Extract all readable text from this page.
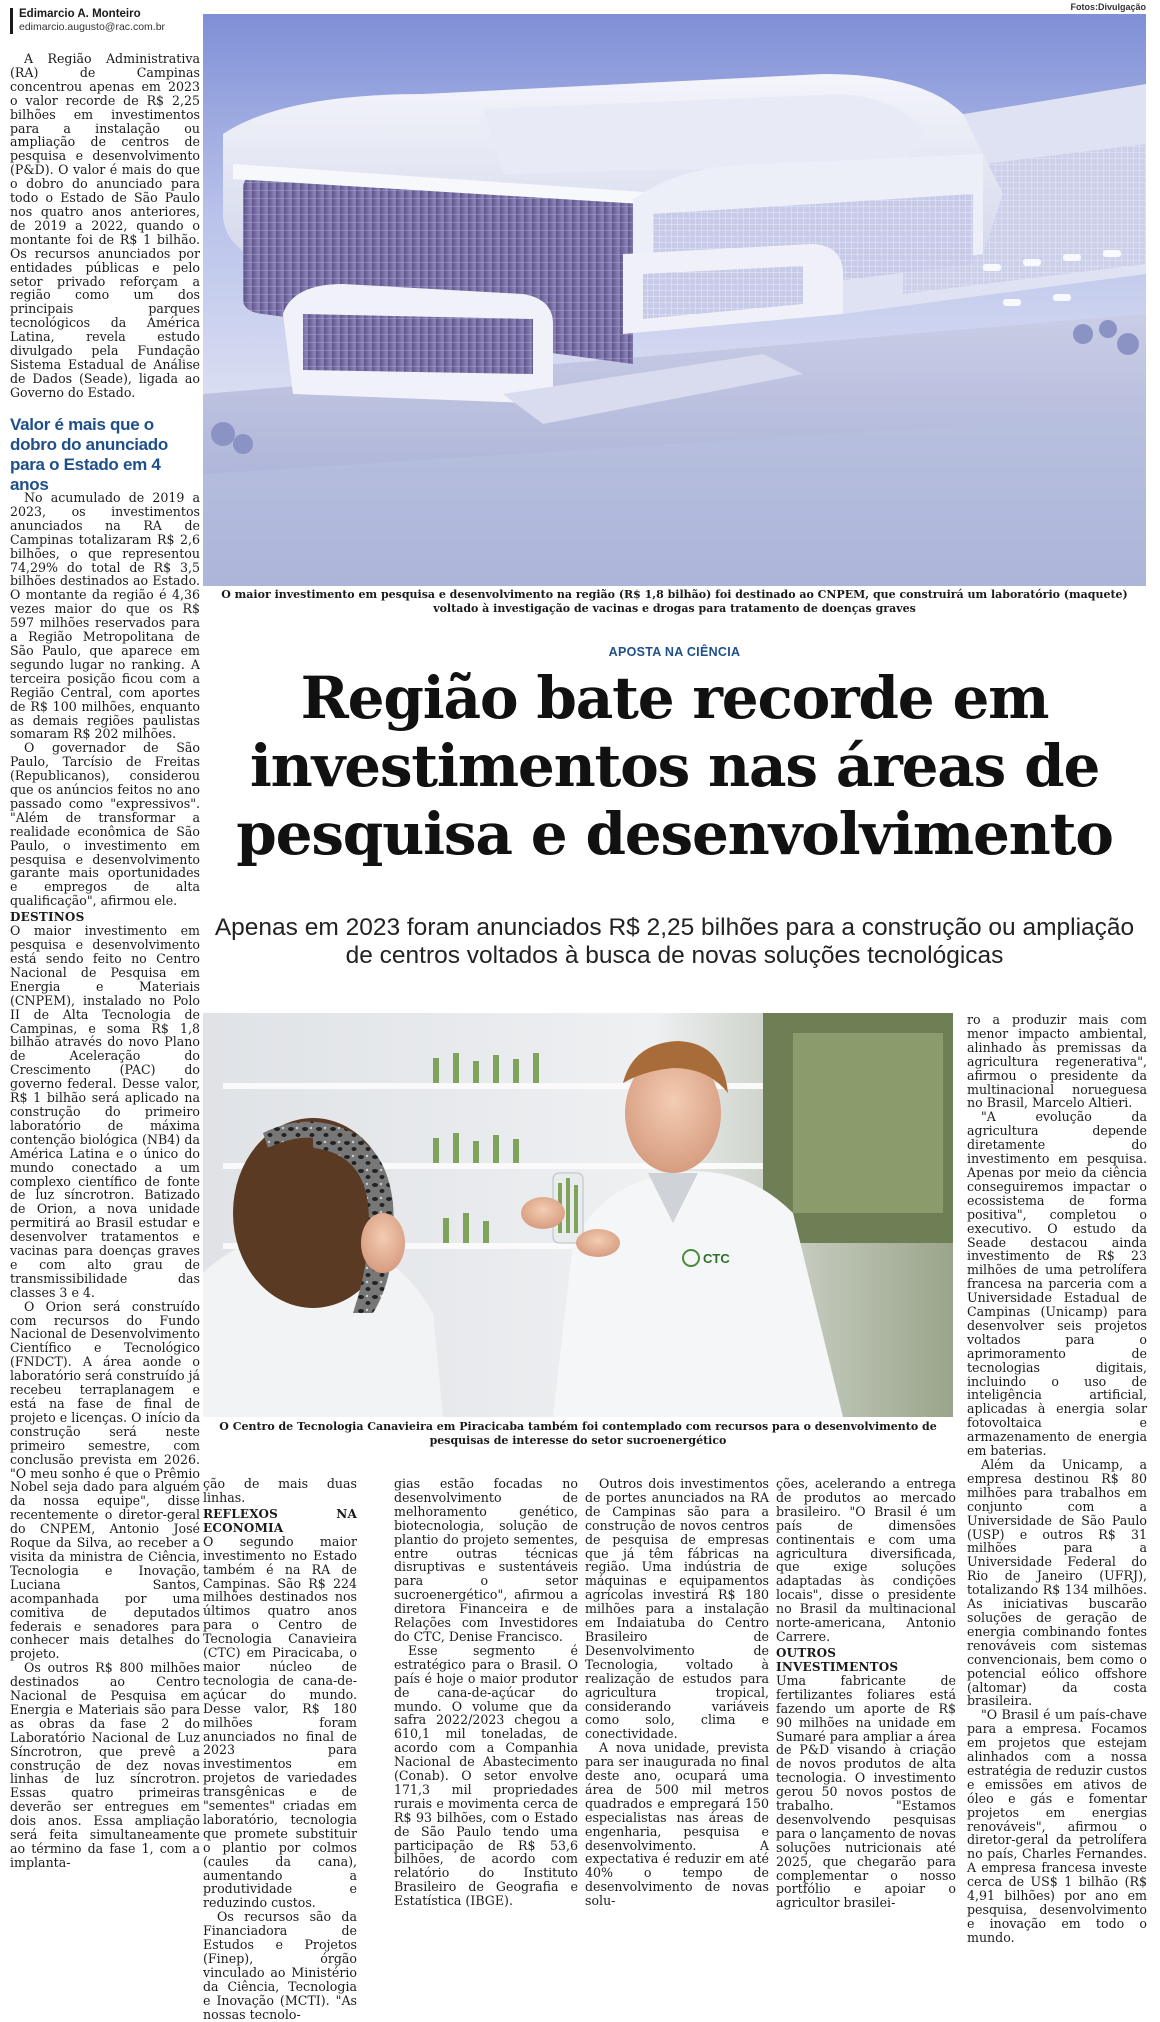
Edimarcio A. Monteiro
edimarcio.augusto@rac.com.br
Fotos:Divulgação

A Região Administrativa (RA) de Campinas concentrou apenas em 2023 o valor recorde de R$ 2,25 bilhões em investimentos para a instalação ou ampliação de centros de pesquisa e desenvolvimento (P&D). O valor é mais do que o dobro do anunciado para todo o Estado de São Paulo nos quatro anos anteriores, de 2019 a 2022, quando o montante foi de R$ 1 bilhão. Os recursos anunciados por entidades públicas e pelo setor privado reforçam a região como um dos principais parques tecnológicos da América Latina, revela estudo divulgado pela Fundação Sistema Estadual de Análise de Dados (Seade), ligada ao Governo do Estado.

Valor é mais que o dobro do anunciado para o Estado em 4 anos

No acumulado de 2019 a 2023, os investimentos anunciados na RA de Campinas totalizaram R$ 2,6 bilhões, o que representou 74,29% do total de R$ 3,5 bilhões destinados ao Estado. O montante da região é 4,36 vezes maior do que os R$ 597 milhões reservados para a Região Metropolitana de São Paulo, que aparece em segundo lugar no ranking. A terceira posição ficou com a Região Central, com aportes de R$ 100 milhões, enquanto as demais regiões paulistas somaram R$ 202 milhões.

O governador de São Paulo, Tarcísio de Freitas (Republicanos), considerou que os anúncios feitos no ano passado como "expressivos". "Além de transformar a realidade econômica de São Paulo, o investimento em pesquisa e desenvolvimento garante mais oportunidades e empregos de alta qualificação", afirmou ele.

DESTINOS

O maior investimento em pesquisa e desenvolvimento está sendo feito no Centro Nacional de Pesquisa em Energia e Materiais (CNPEM), instalado no Polo II de Alta Tecnologia de Campinas, e soma R$ 1,8 bilhão através do novo Plano de Aceleração do Crescimento (PAC) do governo federal. Desse valor, R$ 1 bilhão será aplicado na construção do primeiro laboratório de máxima contenção biológica (NB4) da América Latina e o único do mundo conectado a um complexo científico de fonte de luz síncrotron. Batizado de Orion, a nova unidade permitirá ao Brasil estudar e desenvolver tratamentos e vacinas para doenças graves e com alto grau de transmissibilidade das classes 3 e 4.

O Orion será construído com recursos do Fundo Nacional de Desenvolvimento Científico e Tecnológico (FNDCT). A área aonde o laboratório será construído já recebeu terraplanagem e está na fase de final de projeto e licenças. O início da construção será neste primeiro semestre, com conclusão prevista em 2026. "O meu sonho é que o Prêmio Nobel seja dado para alguém da nossa equipe", disse recentemente o diretor-geral do CNPEM, Antonio José Roque da Silva, ao receber a visita da ministra de Ciência, Tecnologia e Inovação, Luciana Santos, acompanhada por uma comitiva de deputados federais e senadores para conhecer mais detalhes do projeto.

Os outros R$ 800 milhões destinados ao Centro Nacional de Pesquisa em Energia e Materiais são para as obras da fase 2 do Laboratório Nacional de Luz Síncrotron, que prevê a construção de dez novas linhas de luz síncrotron. Essas quatro primeiras deverão ser entregues em dois anos. Essa ampliação será feita simultaneamente ao término da fase 1, com a implanta-

O maior investimento em pesquisa e desenvolvimento na região (R$ 1,8 bilhão) foi destinado ao CNPEM, que construirá um laboratório (maquete) voltado à investigação de vacinas e drogas para tratamento de doenças graves
APOSTA NA CIÊNCIA
Região bate recorde em investimentos nas áreas de pesquisa e desenvolvimento
Apenas em 2023 foram anunciados R$ 2,25 bilhões para a construção ou ampliação de centros voltados à busca de novas soluções tecnológicas
CTC
O Centro de Tecnologia Canavieira em Piracicaba também foi contemplado com recursos para o desenvolvimento de pesquisas de interesse do setor sucroenergético

ção de mais duas linhas.

REFLEXOS NA ECONOMIA

O segundo maior investimento no Estado também é na RA de Campinas. São R$ 224 milhões destinados nos últimos quatro anos para o Centro de Tecnologia Canavieira (CTC) em Piracicaba, o maior núcleo de tecnologia de cana-de-açúcar do mundo. Desse valor, R$ 180 milhões foram anunciados no final de 2023 para investimentos em projetos de variedades transgênicas e de "sementes" criadas em laboratório, tecnologia que promete substituir o plantio por colmos (caules da cana), aumentando a produtividade e reduzindo custos.

Os recursos são da Financiadora de Estudos e Projetos (Finep), órgão vinculado ao Ministério da Ciência, Tecnologia e Inovação (MCTI). "As nossas tecnolo-

gias estão focadas no desenvolvimento de melhoramento genético, biotecnologia, solução de plantio do projeto sementes, entre outras técnicas disruptivas e sustentáveis para o setor sucroenergético", afirmou a diretora Financeira e de Relações com Investidores do CTC, Denise Francisco.

Esse segmento é estratégico para o Brasil. O país é hoje o maior produtor de cana-de-açúcar do mundo. O volume que da safra 2022/2023 chegou a 610,1 mil toneladas, de acordo com a Companhia Nacional de Abastecimento (Conab). O setor envolve 171,3 mil propriedades rurais e movimenta cerca de R$ 93 bilhões, com o Estado de São Paulo tendo uma participação de R$ 53,6 bilhões, de acordo com relatório do Instituto Brasileiro de Geografia e Estatística (IBGE).

Outros dois investimentos de portes anunciados na RA de Campinas são para a construção de novos centros de pesquisa de empresas que já têm fábricas na região. Uma indústria de máquinas e equipamentos agrícolas investirá R$ 180 milhões para a instalação em Indaiatuba do Centro Brasileiro de Desenvolvimento de Tecnologia, voltado à realização de estudos para agricultura tropical, considerando variáveis como solo, clima e conectividade.

A nova unidade, prevista para ser inaugurada no final deste ano, ocupará uma área de 500 mil metros quadrados e empregará 150 especialistas nas áreas de engenharia, pesquisa e desenvolvimento. A expectativa é reduzir em até 40% o tempo de desenvolvimento de novas solu-

ções, acelerando a entrega de produtos ao mercado brasileiro. "O Brasil é um país de dimensões continentais e com uma agricultura diversificada, que exige soluções adaptadas às condições locais", disse o presidente no Brasil da multinacional norte-americana, Antonio Carrere.

OUTROS INVESTIMENTOS

Uma fabricante de fertilizantes foliares está fazendo um aporte de R$ 90 milhões na unidade em Sumaré para ampliar a área de P&D visando à criação de novos produtos de alta tecnologia. O investimento gerou 50 novos postos de trabalho. "Estamos desenvolvendo pesquisas para o lançamento de novas soluções nutricionais até 2025, que chegarão para complementar o nosso portfólio e apoiar o agricultor brasilei-

ro a produzir mais com menor impacto ambiental, alinhado às premissas da agricultura regenerativa", afirmou o presidente da multinacional norueguesa no Brasil, Marcelo Altieri.

"A evolução da agricultura depende diretamente do investimento em pesquisa. Apenas por meio da ciência conseguiremos impactar o ecossistema de forma positiva", completou o executivo. O estudo da Seade destacou ainda investimento de R$ 23 milhões de uma petrolífera francesa na parceria com a Universidade Estadual de Campinas (Unicamp) para desenvolver seis projetos voltados para o aprimoramento de tecnologias digitais, incluindo o uso de inteligência artificial, aplicadas à energia solar fotovoltaica e armazenamento de energia em baterias.

Além da Unicamp, a empresa destinou R$ 80 milhões para trabalhos em conjunto com a Universidade de São Paulo (USP) e outros R$ 31 milhões para a Universidade Federal do Rio de Janeiro (UFRJ), totalizando R$ 134 milhões. As iniciativas buscarão soluções de geração de energia combinando fontes renováveis com sistemas convencionais, bem como o potencial eólico offshore (altomar) da costa brasileira.

"O Brasil é um país-chave para a empresa. Focamos em projetos que estejam alinhados com a nossa estratégia de reduzir custos e emissões em ativos de óleo e gás e fomentar projetos em energias renováveis", afirmou o diretor-geral da petrolífera no país, Charles Fernandes. A empresa francesa investe cerca de US$ 1 bilhão (R$ 4,91 bilhões) por ano em pesquisa, desenvolvimento e inovação em todo o mundo.
